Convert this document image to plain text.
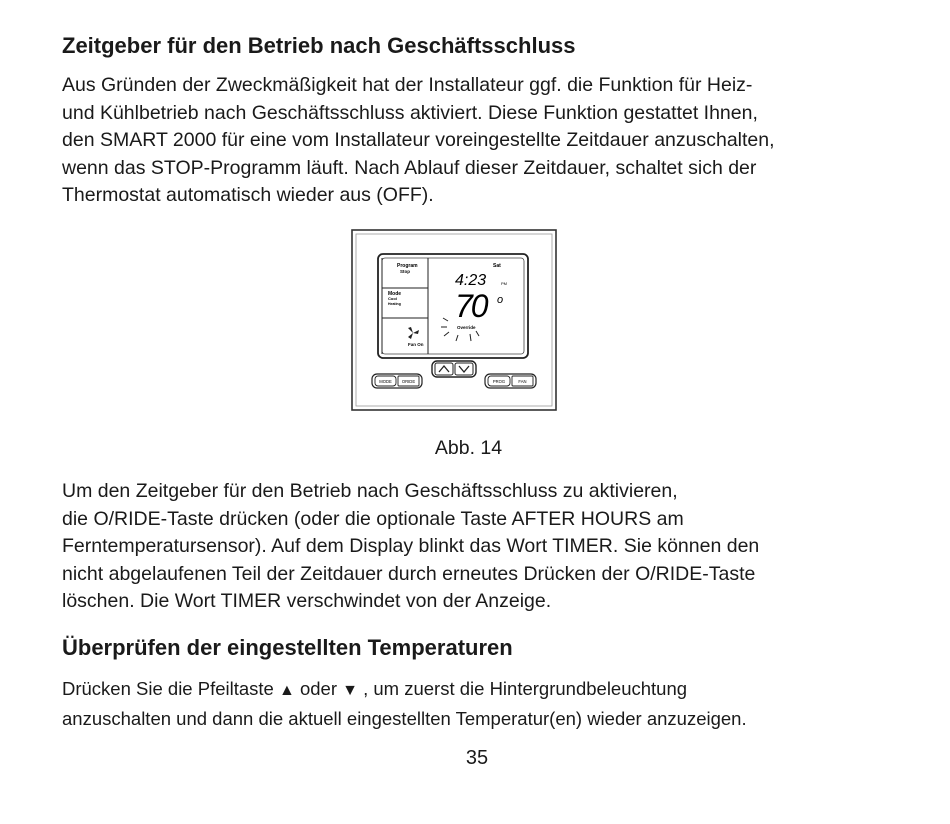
Zeitgeber für den Betrieb nach Geschäftsschluss

Aus Gründen der Zweckmäßigkeit hat der Installateur ggf. die Funktion für Heiz-
und Kühlbetrieb nach Geschäftsschluss aktiviert. Diese Funktion gestattet Ihnen,
den SMART 2000 für eine vom Installateur voreingestellte Zeitdauer anzuschalten,
wenn das STOP-Programm läuft. Nach Ablauf dieser Zeitdauer, schaltet sich der
Thermostat automatisch wieder aus (OFF).

Program
Stop
Mode
Cool
Heating
Fan On
Sat
4:23	PM
70 o
Override
MODE ORIDE	PROG	FAN
Abb. 14

Um den Zeitgeber für den Betrieb nach Geschäftsschluss zu aktivieren,
die O/RIDE-Taste drücken (oder die optionale Taste AFTER HOURS am
Ferntemperatursensor). Auf dem Display blinkt das Wort TIMER. Sie können den
nicht abgelaufenen Teil der Zeitdauer durch erneutes Drücken der O/RIDE-Taste
löschen. Die Wort TIMER verschwindet von der Anzeige.

Überprüfen der eingestellten Temperaturen

Drücken Sie die Pfeiltaste ▲ oder ▼ , um zuerst die Hintergrundbeleuchtung
anzuschalten und dann die aktuell eingestellten Temperatur(en) wieder anzuzeigen.

35
